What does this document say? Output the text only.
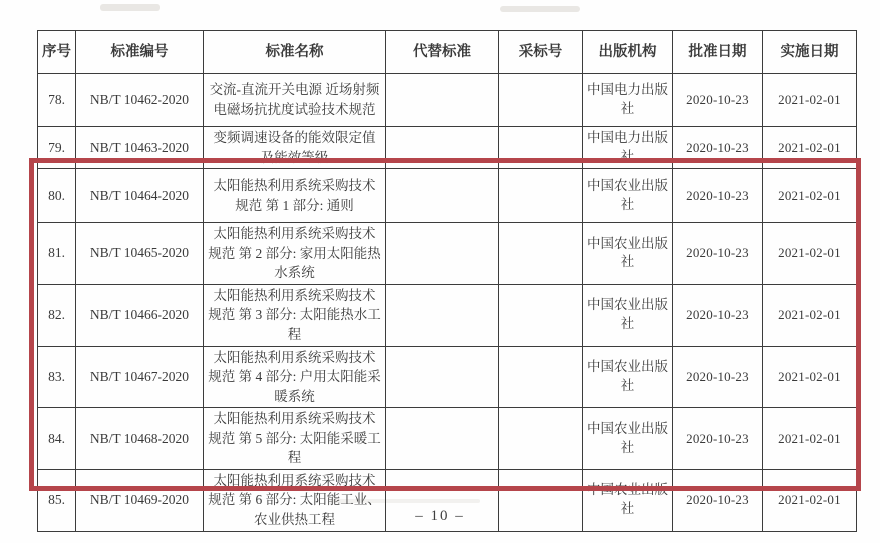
序号	标准编号	标准名称	代替标准	采标号	出版机构	批准日期	实施日期
78.	NB/T 10462-2020	交流-直流开关电源 近场射频电磁场抗扰度试验技术规范			中国电力出版社	2020-10-23	2021-02-01
79.	NB/T 10463-2020	变频调速设备的能效限定值及能效等级			中国电力出版社	2020-10-23	2021-02-01
80.	NB/T 10464-2020	太阳能热利用系统采购技术规范 第 1 部分: 通则			中国农业出版社	2020-10-23	2021-02-01
81.	NB/T 10465-2020	太阳能热利用系统采购技术规范 第 2 部分: 家用太阳能热水系统			中国农业出版社	2020-10-23	2021-02-01
82.	NB/T 10466-2020	太阳能热利用系统采购技术规范 第 3 部分: 太阳能热水工程			中国农业出版社	2020-10-23	2021-02-01
83.	NB/T 10467-2020	太阳能热利用系统采购技术规范 第 4 部分: 户用太阳能采暖系统			中国农业出版社	2020-10-23	2021-02-01
84.	NB/T 10468-2020	太阳能热利用系统采购技术规范 第 5 部分: 太阳能采暖工程			中国农业出版社	2020-10-23	2021-02-01
85.	NB/T 10469-2020	太阳能热利用系统采购技术规范 第 6 部分: 太阳能工业、农业供热工程			中国农业出版社	2020-10-23	2021-02-01
– 10 –
